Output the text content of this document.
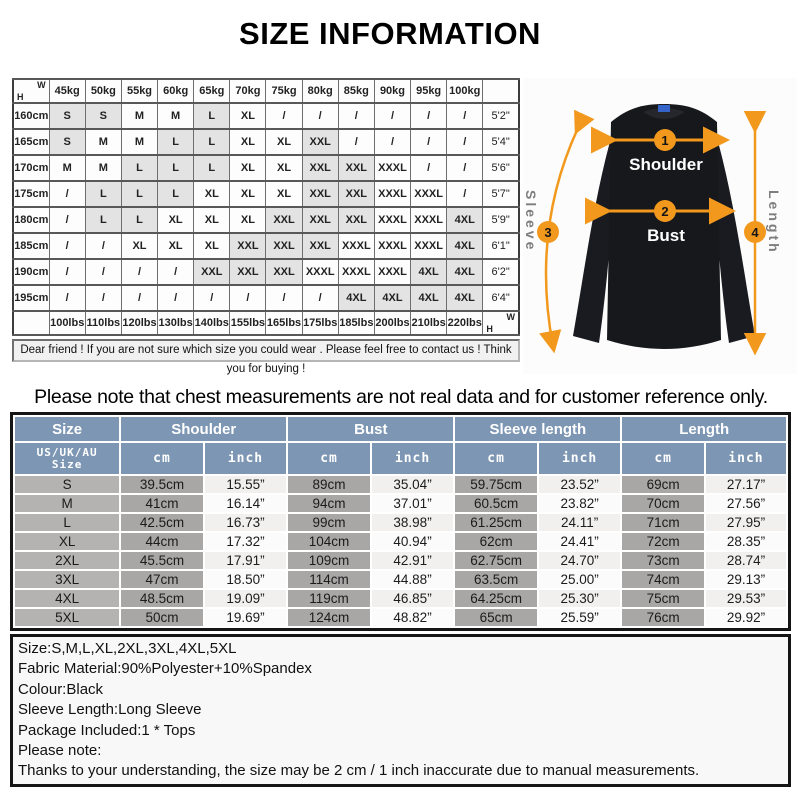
SIZE INFORMATION
W
H	45kg	50kg	55kg	60kg	65kg	70kg	75kg	80kg	85kg	90kg	95kg	100kg	
160cm	S	S	M	M	L	XL	/	/	/	/	/	/	5'2"
165cm	S	M	M	L	L	XL	XL	XXL	/	/	/	/	5'4"
170cm	M	M	L	L	L	XL	XL	XXL	XXL	XXXL	/	/	5'6"
175cm	/	L	L	L	XL	XL	XL	XXL	XXL	XXXL	XXXL	/	5'7"
180cm	/	L	L	XL	XL	XL	XXL	XXL	XXL	XXXL	XXXL	4XL	5'9"
185cm	/	/	XL	XL	XL	XXL	XXL	XXL	XXXL	XXXL	XXXL	4XL	6'1"
190cm	/	/	/	/	XXL	XXL	XXL	XXXL	XXXL	XXXL	4XL	4XL	6'2"
195cm	/	/	/	/	/	/	/	/	4XL	4XL	4XL	4XL	6'4"
	100lbs	110lbs	120lbs	130lbs	140lbs	155lbs	165lbs	175lbs	185lbs	200lbs	210lbs	220lbs	W
H
Dear friend ! If you are not sure which size you could wear . Please feel free to contact us ! Think you for buying !
1
2
3	4
Shoulder
Bust
Sleeve	Length
Please note that chest measurements are not real data and for customer reference only.
Size	Shoulder		Bust		Sleeve length		Length	
US/UK/AU
Size	cm	inch	cm	inch	cm	inch	cm	inch
S	39.5cm	15.55”	89cm	35.04”	59.75cm	23.52”	69cm	27.17”
M	41cm	16.14”	94cm	37.01”	60.5cm	23.82”	70cm	27.56”
L	42.5cm	16.73”	99cm	38.98”	61.25cm	24.11”	71cm	27.95”
XL	44cm	17.32”	104cm	40.94”	62cm	24.41”	72cm	28.35”
2XL	45.5cm	17.91”	109cm	42.91”	62.75cm	24.70”	73cm	28.74”
3XL	47cm	18.50”	114cm	44.88”	63.5cm	25.00”	74cm	29.13”
4XL	48.5cm	19.09”	119cm	46.85”	64.25cm	25.30”	75cm	29.53”
5XL	50cm	19.69”	124cm	48.82”	65cm	25.59”	76cm	29.92”
Size:S,M,L,XL,2XL,3XL,4XL,5XL
Fabric Material:90%Polyester+10%Spandex
Colour:Black
Sleeve Length:Long Sleeve
Package Included:1 * Tops
Please note:
Thanks to your understanding, the size may be 2 cm / 1 inch inaccurate due to manual measurements.
